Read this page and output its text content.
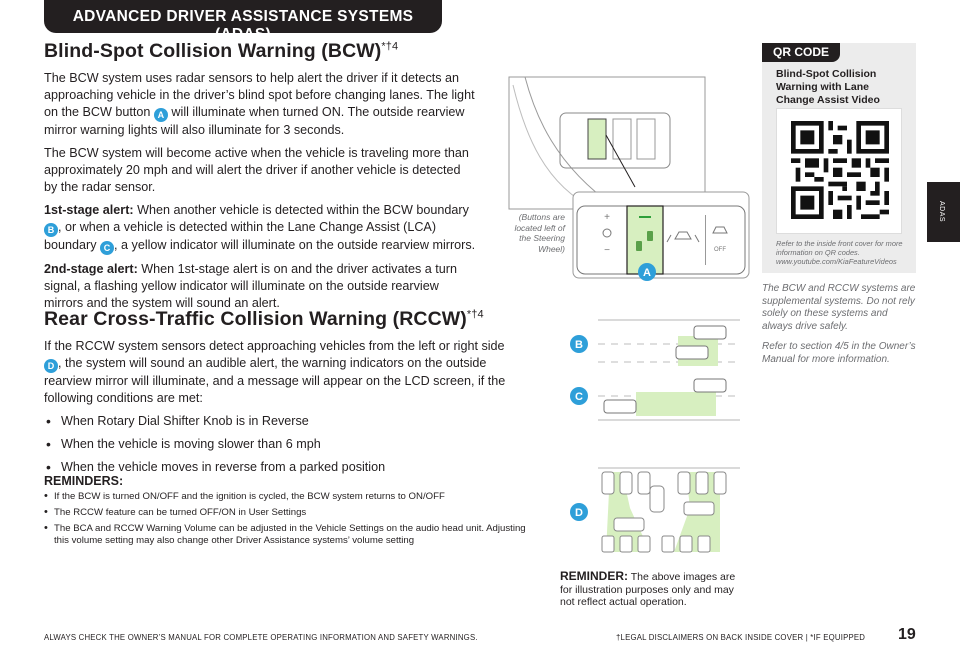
ADVANCED DRIVER ASSISTANCE SYSTEMS (ADAS)
Blind-Spot Collision Warning (BCW)$^{*\dagger 4}$

The BCW system uses radar sensors to help alert the driver if it detects an approaching vehicle in the driver’s blind spot before changing lanes. The light on the BCW button A will illuminate when turned ON. The outside rearview mirror warning lights will also illuminate for 3 seconds.

The BCW system will become active when the vehicle is traveling more than approximately 20 mph and will alert the driver if another vehicle is detected by the radar sensor.

1st-stage alert: When another vehicle is detected within the BCW boundary B , or when a vehicle is detected within the Lane Change Assist (LCA) boundary C , a yellow indicator will illuminate on the outside rearview mirrors.

2nd-stage alert: When 1st-stage alert is on and the driver activates a turn signal, a flashing yellow indicator will illuminate on the outside rearview mirrors and the system will sound an alert.

Rear Cross-Traffic Collision Warning (RCCW)$^{*\dagger 4}$

If the RCCW system sensors detect approaching vehicles from the left or right side D , the system will sound an audible alert, the warning indicators on the outside rearview mirror will illuminate, and a message will appear on the LCD screen, if the following conditions are met:

• When Rotary Dial Shifter Knob is in Reverse
• When the vehicle is moving slower than 6 mph
• When the vehicle moves in reverse from a parked position
REMINDERS:
• If the BCW is turned ON/OFF and the ignition is cycled, the BCW system returns to ON/OFF
• The RCCW feature can be turned OFF/ON in User Settings
• The BCA and RCCW Warning Volume can be adjusted in the Vehicle Settings on the audio head unit. Adjusting this volume setting may also change other Driver Assistance systems’ volume setting
+
−	OFF
A
(Buttons are located left of the Steering Wheel)
B
C
D
REMINDER: The above images are for illustration purposes only and may not reflect actual operation.
QR CODE
Blind-Spot Collision Warning with Lane Change Assist Video
Refer to the inside front cover for more information on QR codes.
www.youtube.com/KiaFeatureVideos
The BCW and RCCW systems are supplemental systems. Do not rely solely on these systems and always drive safely.
Refer to section 4/5 in the Owner’s Manual for more information.
ADAS
ALWAYS CHECK THE OWNER’S MANUAL FOR COMPLETE OPERATING INFORMATION AND SAFETY WARNINGS.	†LEGAL DISCLAIMERS ON BACK INSIDE COVER | *IF EQUIPPED 19
